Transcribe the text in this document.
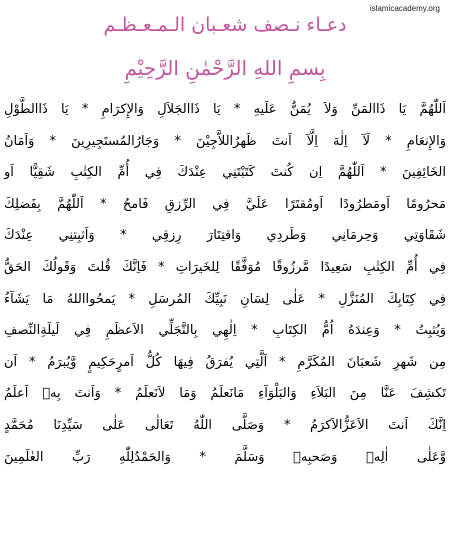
islamicacademy.org
دعـاء نـصف شعـبان الـمـعـظـم
بِسمِ اللهِ الرَّحْمٰنِ الرَّحِيْمِ
اَللّٰهُمَّ يَا ذَاالمَنِّ وَلاَ يُمَنُّ عَلَيهِ * يَا ذَاالجَلاَلِ وَالإِكرَامِ * يَا ذَاالطَّوْلِ
وَالإِنعَامِ * لَآ اِلٰهَ اِلَّآ اَنتَ ظَهرُاللاَّجِيْنَ * وَجَارُالمُستَجِيرِينَ * وَاَمَانُ
الخَائِفِينَ * اَللّٰهُمَّ اِن كُنتَ كَتَبْتَنِي عِنْدَكَ فِي أُمِّ الكِتٰبِ شَقِيًّا اَو
مَحرُومًا اَومَطرُودًا اَومُقتَرًا عَلَيَّ فِي الرِّزقِ فَامحُ * اَللّٰهُمَّ بِفَضلِكَ
شَقَاوَتِي وَحِرمَانِي وَطَردِي وَاقتِتَارَ رِزقِي * وَاَثبِتنِي عِنْدَكَ
فِي أُمِّ الكِتٰبِ سَعِيدًا مَّرزُوقًا مُوَفَّقًا لِلخَيرَاتِ * فَاِنَّكَ قُلتَ وَقَولُكَ الحَقُّ
فِي كِتَابِكَ المُنَزَّلِ * عَلٰى لِسَانِ نَبِيِّكَ المُرسَلِ * يَمحُوااللهُ مَا يَشَآءُ
وَيُثبِتُ * وَعِندَهُ اُمُّ الكِتَابِ * اِلٰهِي بِالتَّجَلِّي الاَعظَمِ فِي لَيلَةِالنِّصفِ
مِن شَهرِ شَعبَانَ المُكَرَّمِ * اَلَّتِي يُفرَقُ فِيهَا كُلُّ اَمرٍحَكِيمٍ وَّيُبرَمُ * اَن
تَكشِفَ عَنَّا مِنَ البَلاَءِ وَالبَلْوَآءِ مَانَعلَمُ وَمَا لاَنَعلَمُ * وَاَنتَ بِهٖ اَعلَمُ
اِنَّكَ اَنتَ الاَعَزُّالاَكرَمُ * وَصَلَّى اللّٰهُ تَعَالٰى عَلٰى سَيِّدِنَا مُحَمَّدٍ
وَّعَلٰى اٰلِهٖ وَصَحبِهٖ وَسَلَّمَ * وَالحَمْدُلِلّٰهِ رَبِّ العٰلَمِينَ
